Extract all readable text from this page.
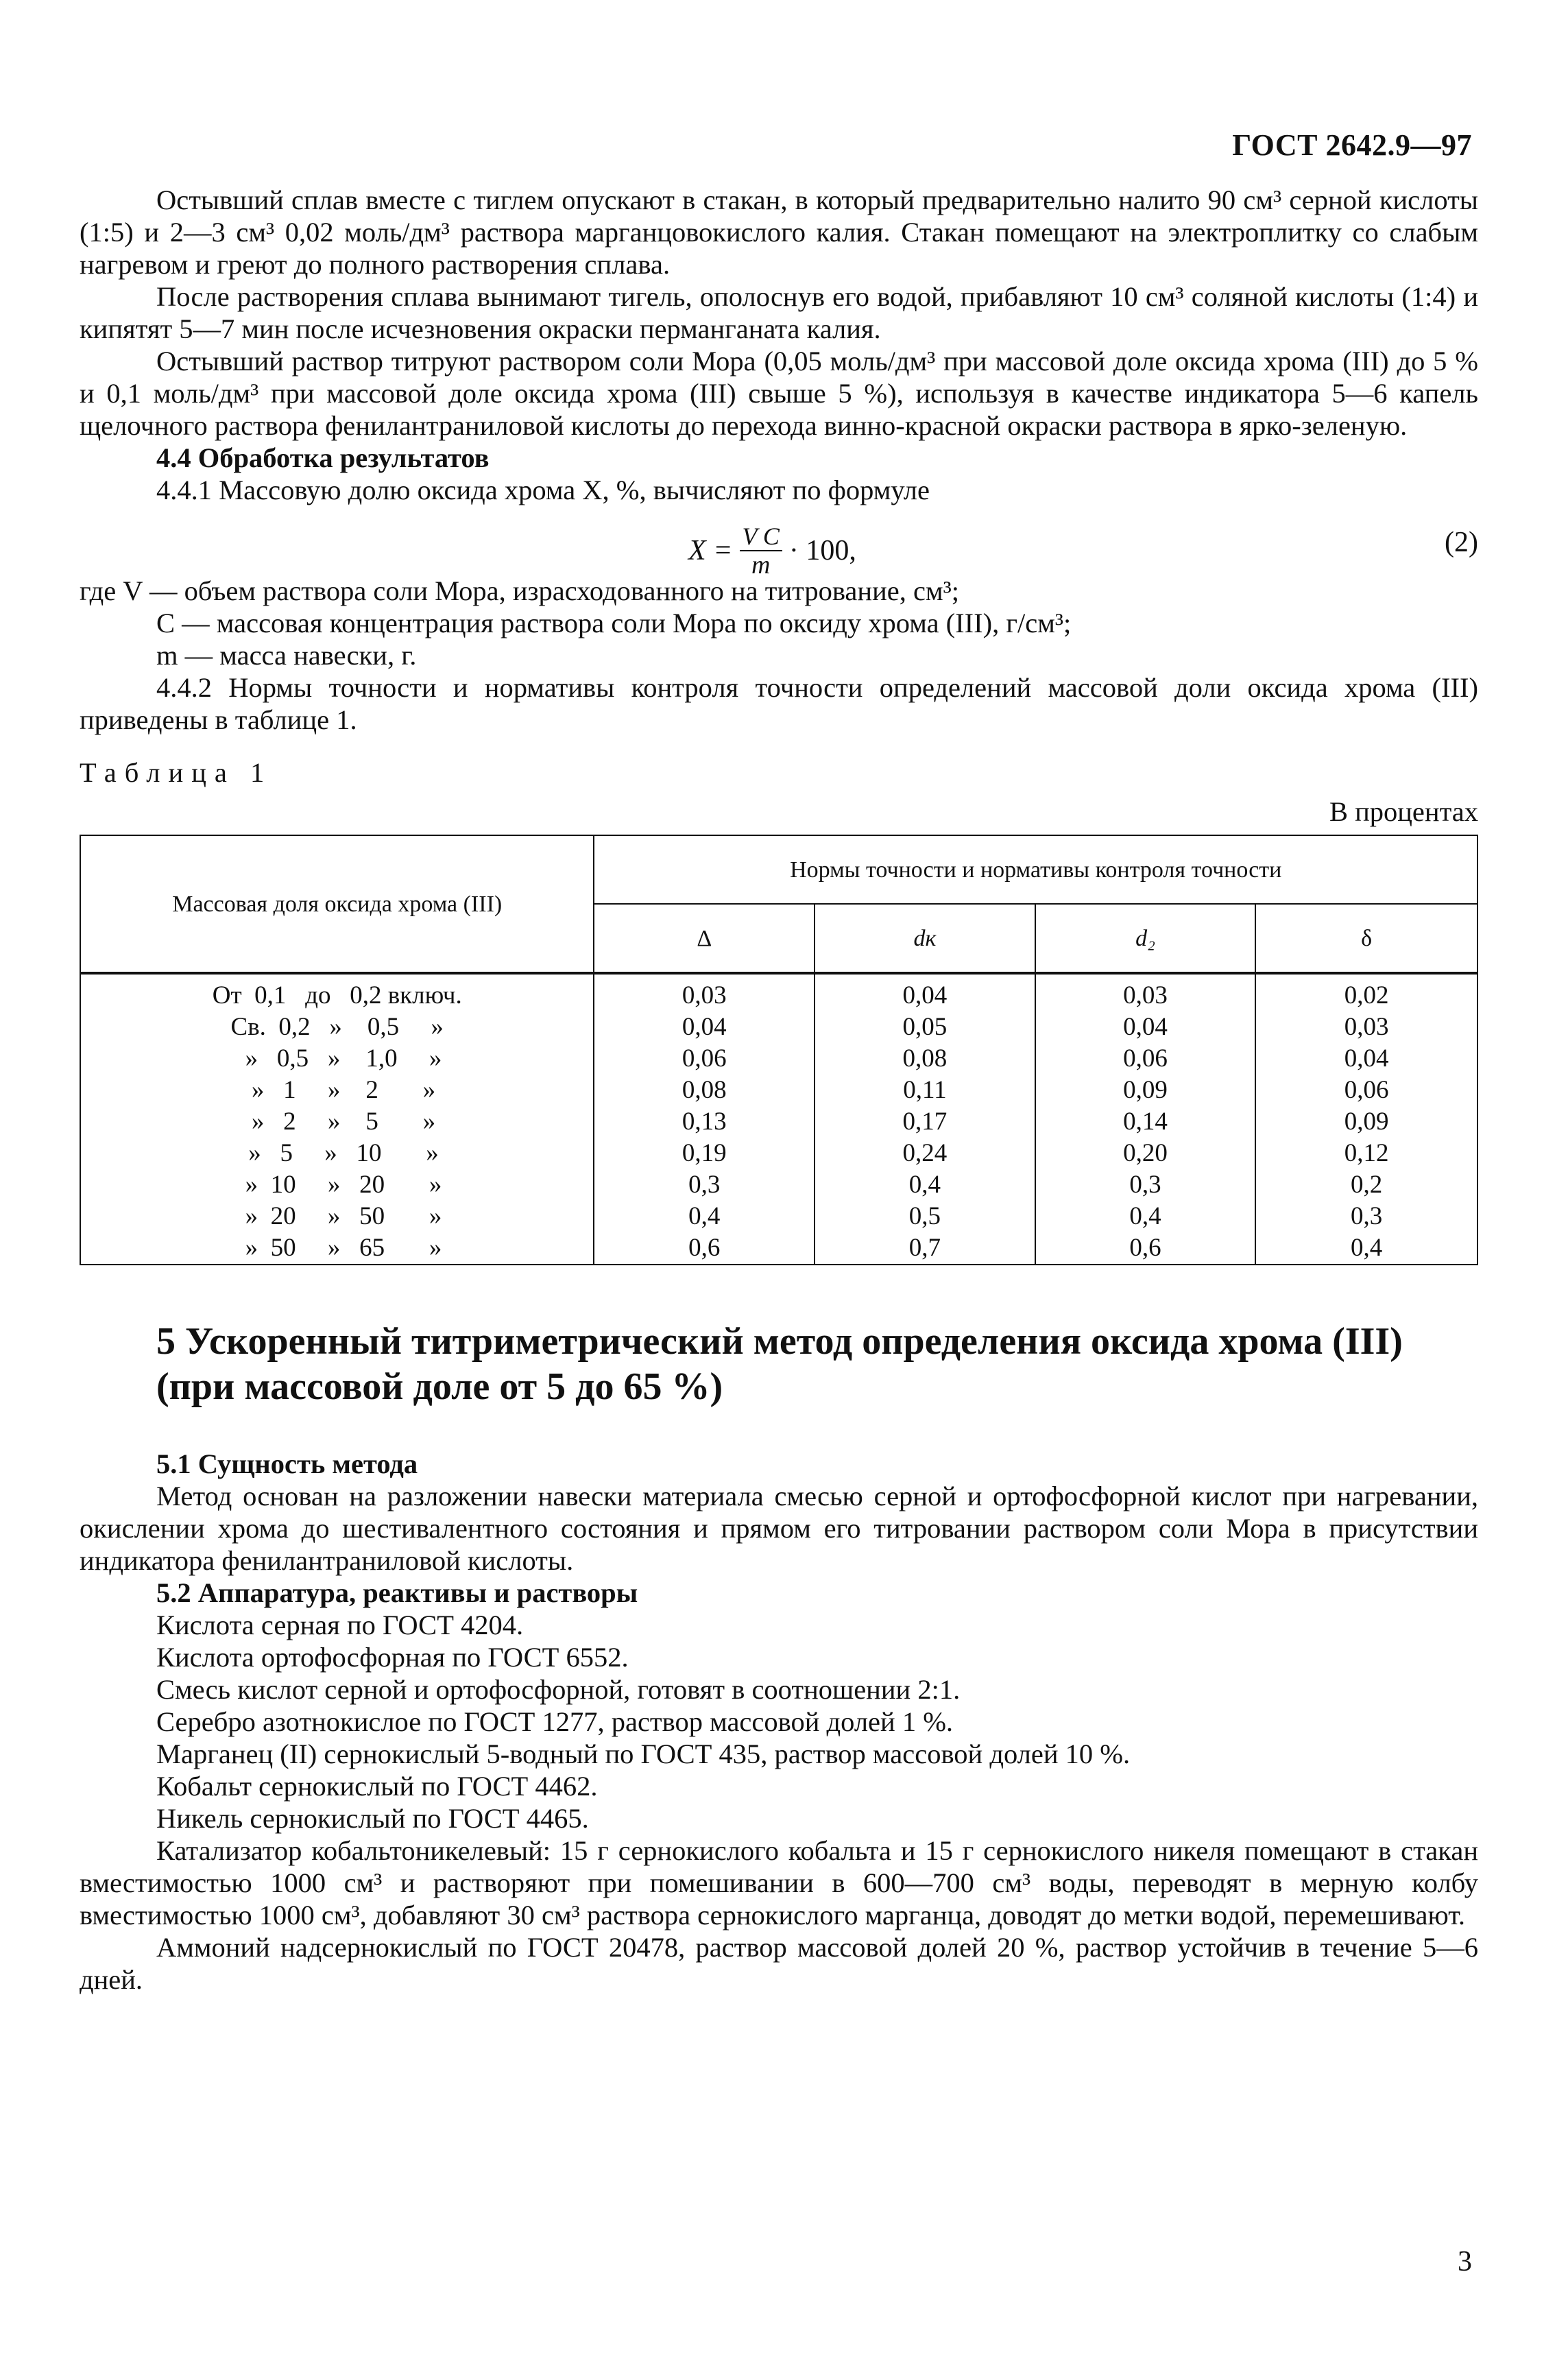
ГОСТ 2642.9—97

Остывший сплав вместе с тиглем опускают в стакан, в который предварительно налито 90 см³ серной кислоты (1:5) и 2—3 см³ 0,02 моль/дм³ раствора марганцовокислого калия. Стакан помещают на электроплитку со слабым нагревом и греют до полного растворения сплава.

После растворения сплава вынимают тигель, ополоснув его водой, прибавляют 10 см³ соляной кислоты (1:4) и кипятят 5—7 мин после исчезновения окраски перманганата калия.

Остывший раствор титруют раствором соли Мора (0,05 моль/дм³ при массовой доле оксида хрома (III) до 5 % и 0,1 моль/дм³ при массовой доле оксида хрома (III) свыше 5 %), используя в качестве индикатора 5—6 капель щелочного раствора фенилантраниловой кислоты до перехода винно-красной окраски раствора в ярко-зеленую.

4.4 Обработка результатов

4.4.1 Массовую долю оксида хрома X, %, вычисляют по формуле

$X = \frac{\text{V C}}{m} \cdot 100$,	(2)

где V — объем раствора соли Мора, израсходованного на титрование, см³;

C — массовая концентрация раствора соли Мора по оксиду хрома (III), г/см³;

m — масса навески, г.

4.4.2 Нормы точности и нормативы контроля точности определений массовой доли оксида хрома (III) приведены в таблице 1.

Таблица 1

В процентах

Массовая доля оксида хрома (III)	Нормы точности и нормативы контроля точности			
	Δ	dк	d₂	δ
От  0,1   до   0,2 включ.	0,03	0,04	0,03	0,02
Св.  0,2   »    0,5     »	0,04	0,05	0,04	0,03
»   0,5   »    1,0     »	0,06	0,08	0,06	0,04
»   1     »    2       »	0,08	0,11	0,09	0,06
»   2     »    5       »	0,13	0,17	0,14	0,09
»   5     »   10       »	0,19	0,24	0,20	0,12
»  10     »   20       »	0,3	0,4	0,3	0,2
»  20     »   50       »	0,4	0,5	0,4	0,3
»  50     »   65       »	0,6	0,7	0,6	0,4
5 Ускоренный титриметрический метод определения оксида хрома (III)
(при массовой доле от 5 до 65 %)

5.1 Сущность метода

Метод основан на разложении навески материала смесью серной и ортофосфорной кислот при нагревании, окислении хрома до шестивалентного состояния и прямом его титровании раствором соли Мора в присутствии индикатора фенилантраниловой кислоты.

5.2 Аппаратура, реактивы и растворы

Кислота серная по ГОСТ 4204.

Кислота ортофосфорная по ГОСТ 6552.

Смесь кислот серной и ортофосфорной, готовят в соотношении 2:1.

Серебро азотнокислое по ГОСТ 1277, раствор массовой долей 1 %.

Марганец (II) сернокислый 5-водный по ГОСТ 435, раствор массовой долей 10 %.

Кобальт сернокислый по ГОСТ 4462.

Никель сернокислый по ГОСТ 4465.

Катализатор кобальтоникелевый: 15 г сернокислого кобальта и 15 г сернокислого никеля помещают в стакан вместимостью 1000 см³ и растворяют при помешивании в 600—700 см³ воды, переводят в мерную колбу вместимостью 1000 см³, добавляют 30 см³ раствора сернокислого марганца, доводят до метки водой, перемешивают.

Аммоний надсернокислый по ГОСТ 20478, раствор массовой долей 20 %, раствор устойчив в течение 5—6 дней.

3
